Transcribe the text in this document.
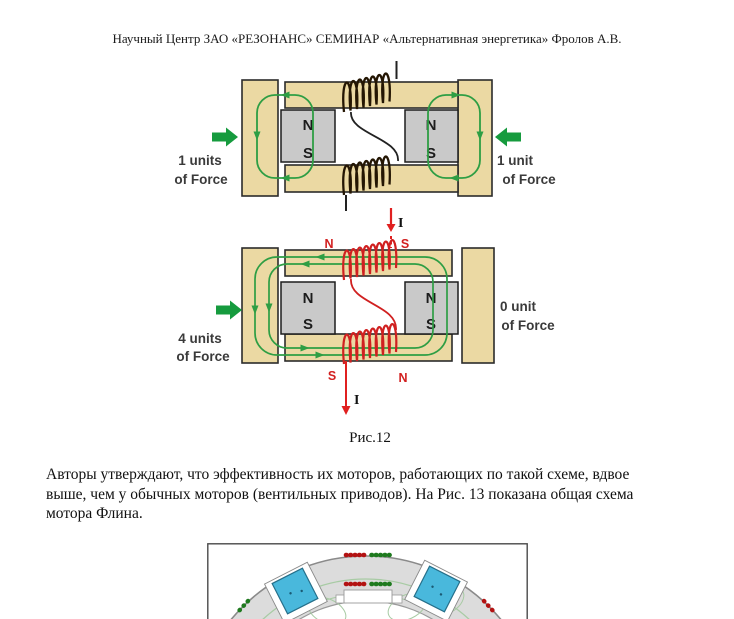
Научный Центр ЗАО «РЕЗОНАНС» СЕМИНАР «Альтернативная энергетика» Фролов А.В.
N
S
N
S
1 units
of Force
1 unit
of Force
I
N
S
N
S
N	S
S	N
4 units
of Force
0 unit
of Force
I
Рис.12
Авторы утверждают, что эффективность их моторов, работающих по такой схеме, вдвое
выше, чем у обычных моторов (вентильных приводов). На Рис. 13 показана общая схема
мотора Флина.
